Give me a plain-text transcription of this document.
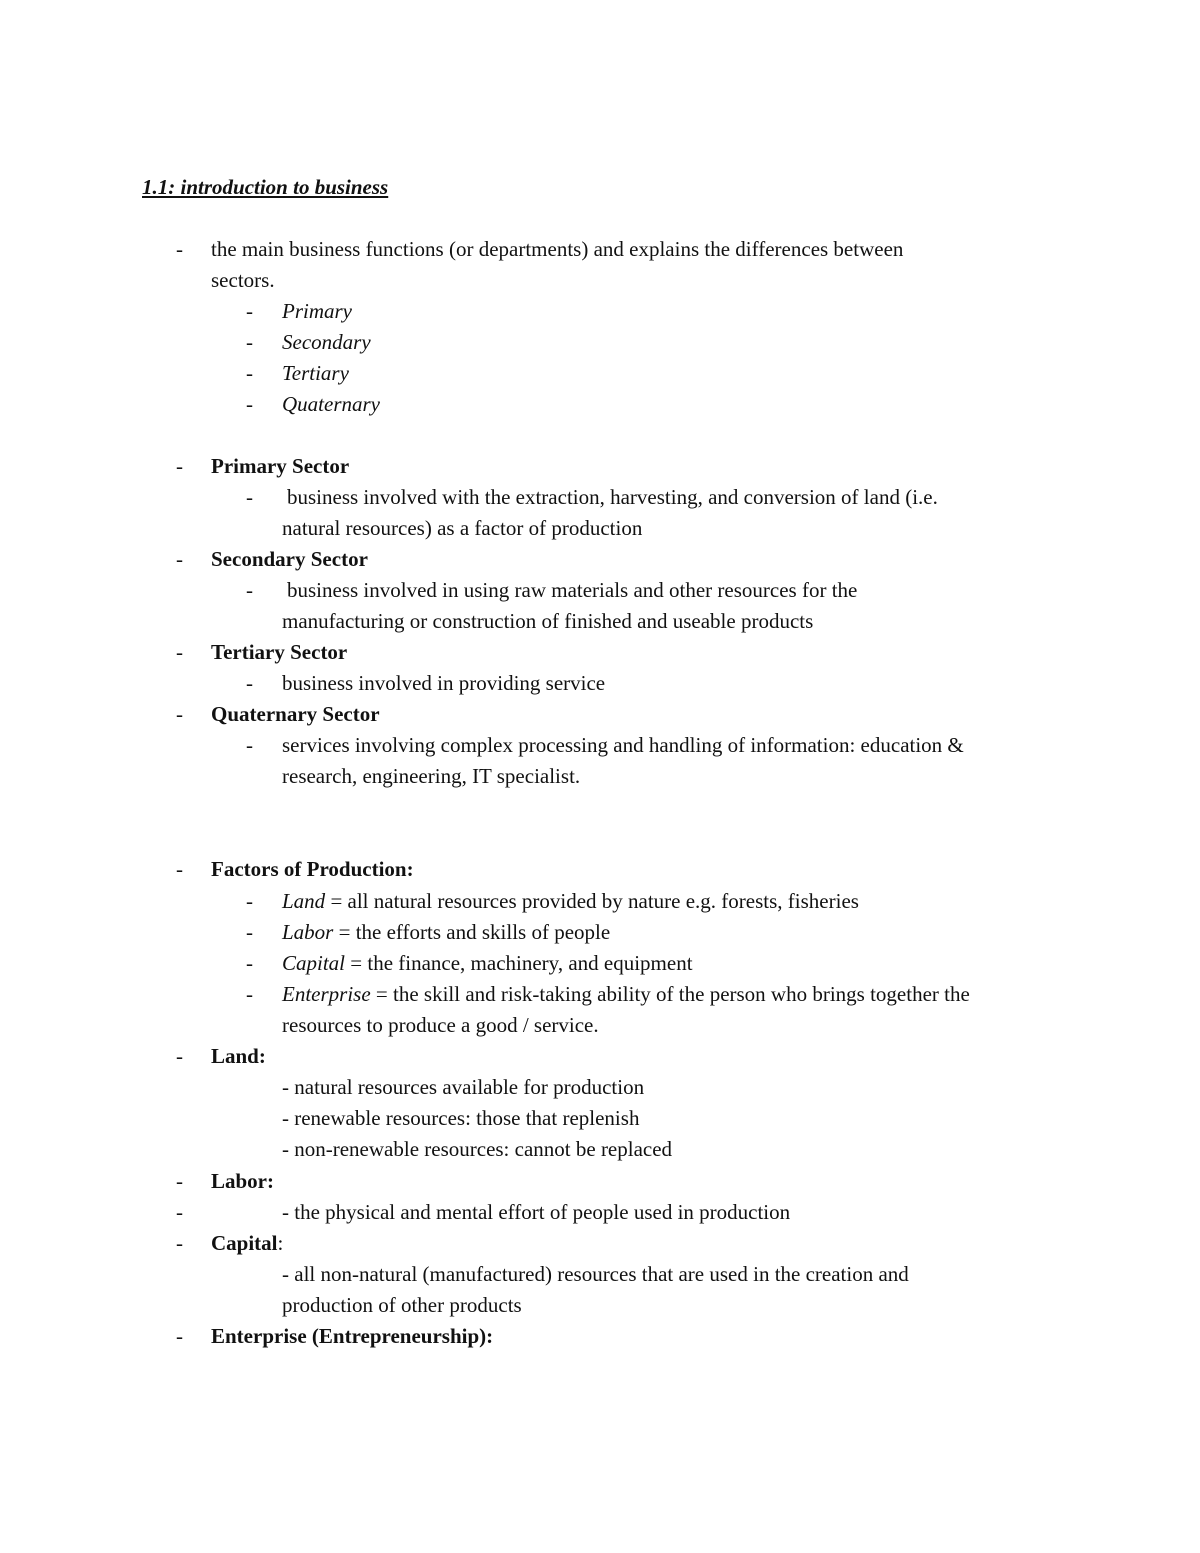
1.1: introduction to business
- the main business functions (or departments) and explains the differences between
sectors.
- Primary
- Secondary
- Tertiary
- Quaternary
- Primary Sector
- business involved with the extraction, harvesting, and conversion of land (i.e.
natural resources) as a factor of production
- Secondary Sector
- business involved in using raw materials and other resources for the
manufacturing or construction of finished and useable products
- Tertiary Sector
- business involved in providing service
- Quaternary Sector
- services involving complex processing and handling of information: education &
research, engineering, IT specialist.
- Factors of Production:
- Land = all natural resources provided by nature e.g. forests, fisheries
- Labor = the efforts and skills of people
- Capital = the finance, machinery, and equipment
- Enterprise = the skill and risk-taking ability of the person who brings together the
resources to produce a good / service.
- Land:
- natural resources available for production
- renewable resources: those that replenish
- non-renewable resources: cannot be replaced
- Labor:
-	- the physical and mental effort of people used in production
- Capital:
- all non-natural (manufactured) resources that are used in the creation and
production of other products
- Enterprise (Entrepreneurship):
